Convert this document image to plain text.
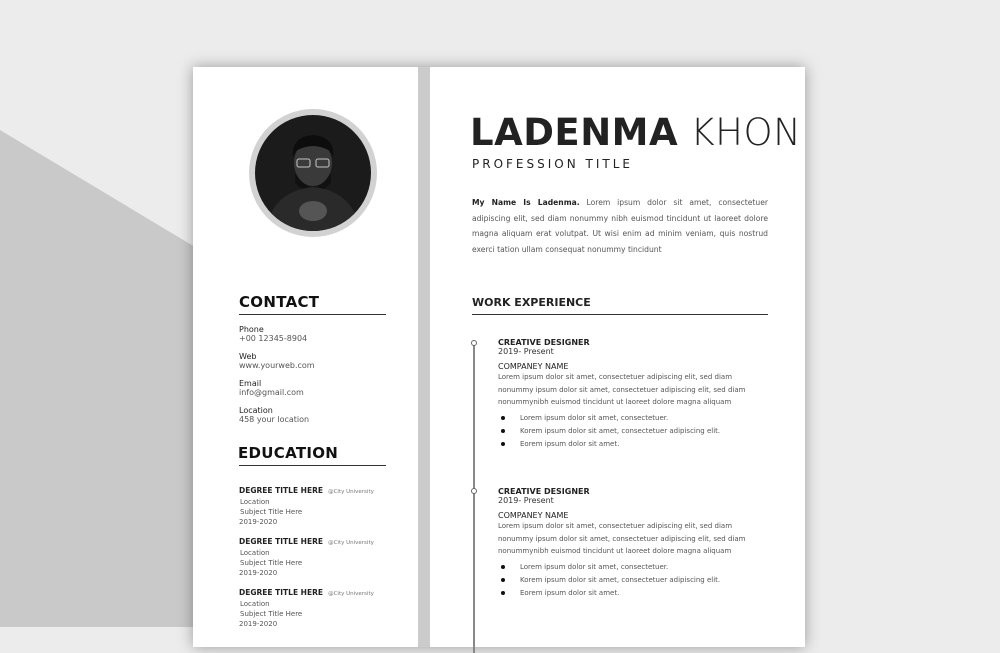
CONTACT
Phone
+00 12345-8904
Web
www.yourweb.com
Email
info@gmail.com
Location
458 your location
EDUCATION
DEGREE TITLE HERE @City University
Location
Subject Title Here
2019-2020
DEGREE TITLE HERE @City University
Location
Subject Title Here
2019-2020
DEGREE TITLE HERE @City University
Location
Subject Title Here
2019-2020
LADENMA KHON
PROFESSION TITLE
My Name Is Ladenma. Lorem ipsum dolor sit amet, consectetuer adipiscing elit, sed diam nonummy nibh euismod tincidunt ut laoreet dolore magna aliquam erat volutpat. Ut wisi enim ad minim veniam, quis nostrud exerci tation ullam consequat nonummy tincidunt
WORK EXPERIENCE
CREATIVE DESIGNER
2019- Present
COMPANEY NAME
Lorem ipsum dolor sit amet, consectetuer adipiscing elit, sed diam nonummy ipsum dolor sit amet, consectetuer adipiscing elit, sed diam nonummynibh euismod tincidunt ut laoreet dolore magna aliquam
Lorem ipsum dolor sit amet, consectetuer.
Korem ipsum dolor sit amet, consectetuer adipiscing elit.
Eorem ipsum dolor sit amet.
CREATIVE DESIGNER
2019- Present
COMPANEY NAME
Lorem ipsum dolor sit amet, consectetuer adipiscing elit, sed diam nonummy ipsum dolor sit amet, consectetuer adipiscing elit, sed diam nonummynibh euismod tincidunt ut laoreet dolore magna aliquam
Lorem ipsum dolor sit amet, consectetuer.
Korem ipsum dolor sit amet, consectetuer adipiscing elit.
Eorem ipsum dolor sit amet.
